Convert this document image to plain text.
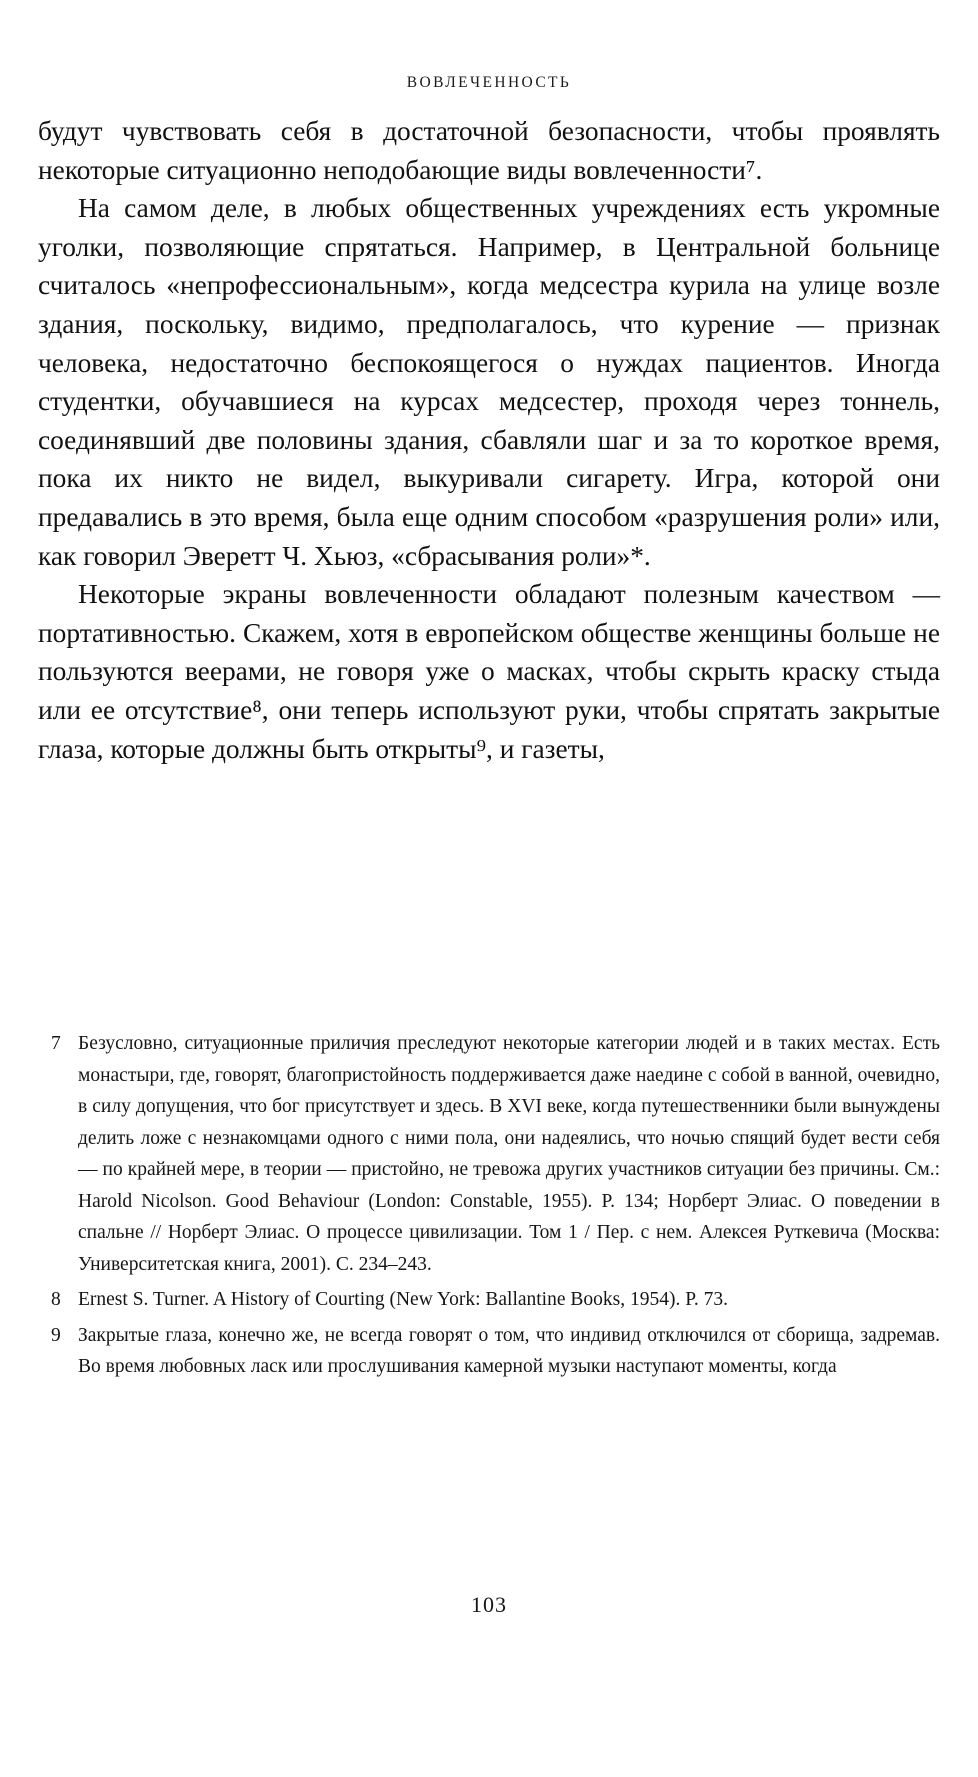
ВОВЛЕЧЕННОСТЬ

будут чувствовать себя в достаточной безопасности, чтобы проявлять некоторые ситуационно неподобающие виды вовлеченности⁷.

На самом деле, в любых общественных учреждениях есть укромные уголки, позволяющие спрятаться. Например, в Центральной больнице считалось «непрофессиональным», когда медсестра курила на улице возле здания, поскольку, видимо, предполагалось, что курение — признак человека, недостаточно беспокоящегося о нуждах пациентов. Иногда студентки, обучавшиеся на курсах медсестер, проходя через тоннель, соединявший две половины здания, сбавляли шаг и за то короткое время, пока их никто не видел, выкуривали сигарету. Игра, которой они предавались в это время, была еще одним способом «разрушения роли» или, как говорил Эверетт Ч. Хьюз, «сбрасывания роли»*.

Некоторые экраны вовлеченности обладают полезным качеством — портативностью. Скажем, хотя в европейском обществе женщины больше не пользуются веерами, не говоря уже о масках, чтобы скрыть краску стыда или ее отсутствие⁸, они теперь используют руки, чтобы спрятать закрытые глаза, которые должны быть открыты⁹, и газеты,

7 Безусловно, ситуационные приличия преследуют некоторые категории людей и в таких местах. Есть монастыри, где, говорят, благопристойность поддерживается даже наедине с собой в ванной, очевидно, в силу допущения, что бог присутствует и здесь. В XVI веке, когда путешественники были вынуждены делить ложе с незнакомцами одного с ними пола, они надеялись, что ночью спящий будет вести себя — по крайней мере, в теории — пристойно, не тревожа других участников ситуации без причины. См.: Harold Nicolson. Good Behaviour (London: Constable, 1955). P. 134; Норберт Элиас. О поведении в спальне // Норберт Элиас. О процессе цивилизации. Том 1 / Пер. с нем. Алексея Руткевича (Москва: Университетская книга, 2001). С. 234–243.
8 Ernest S. Turner. A History of Courting (New York: Ballantine Books, 1954). P. 73.
9 Закрытые глаза, конечно же, не всегда говорят о том, что индивид отключился от сборища, задремав. Во время любовных ласк или прослушивания камерной музыки наступают моменты, когда
103
